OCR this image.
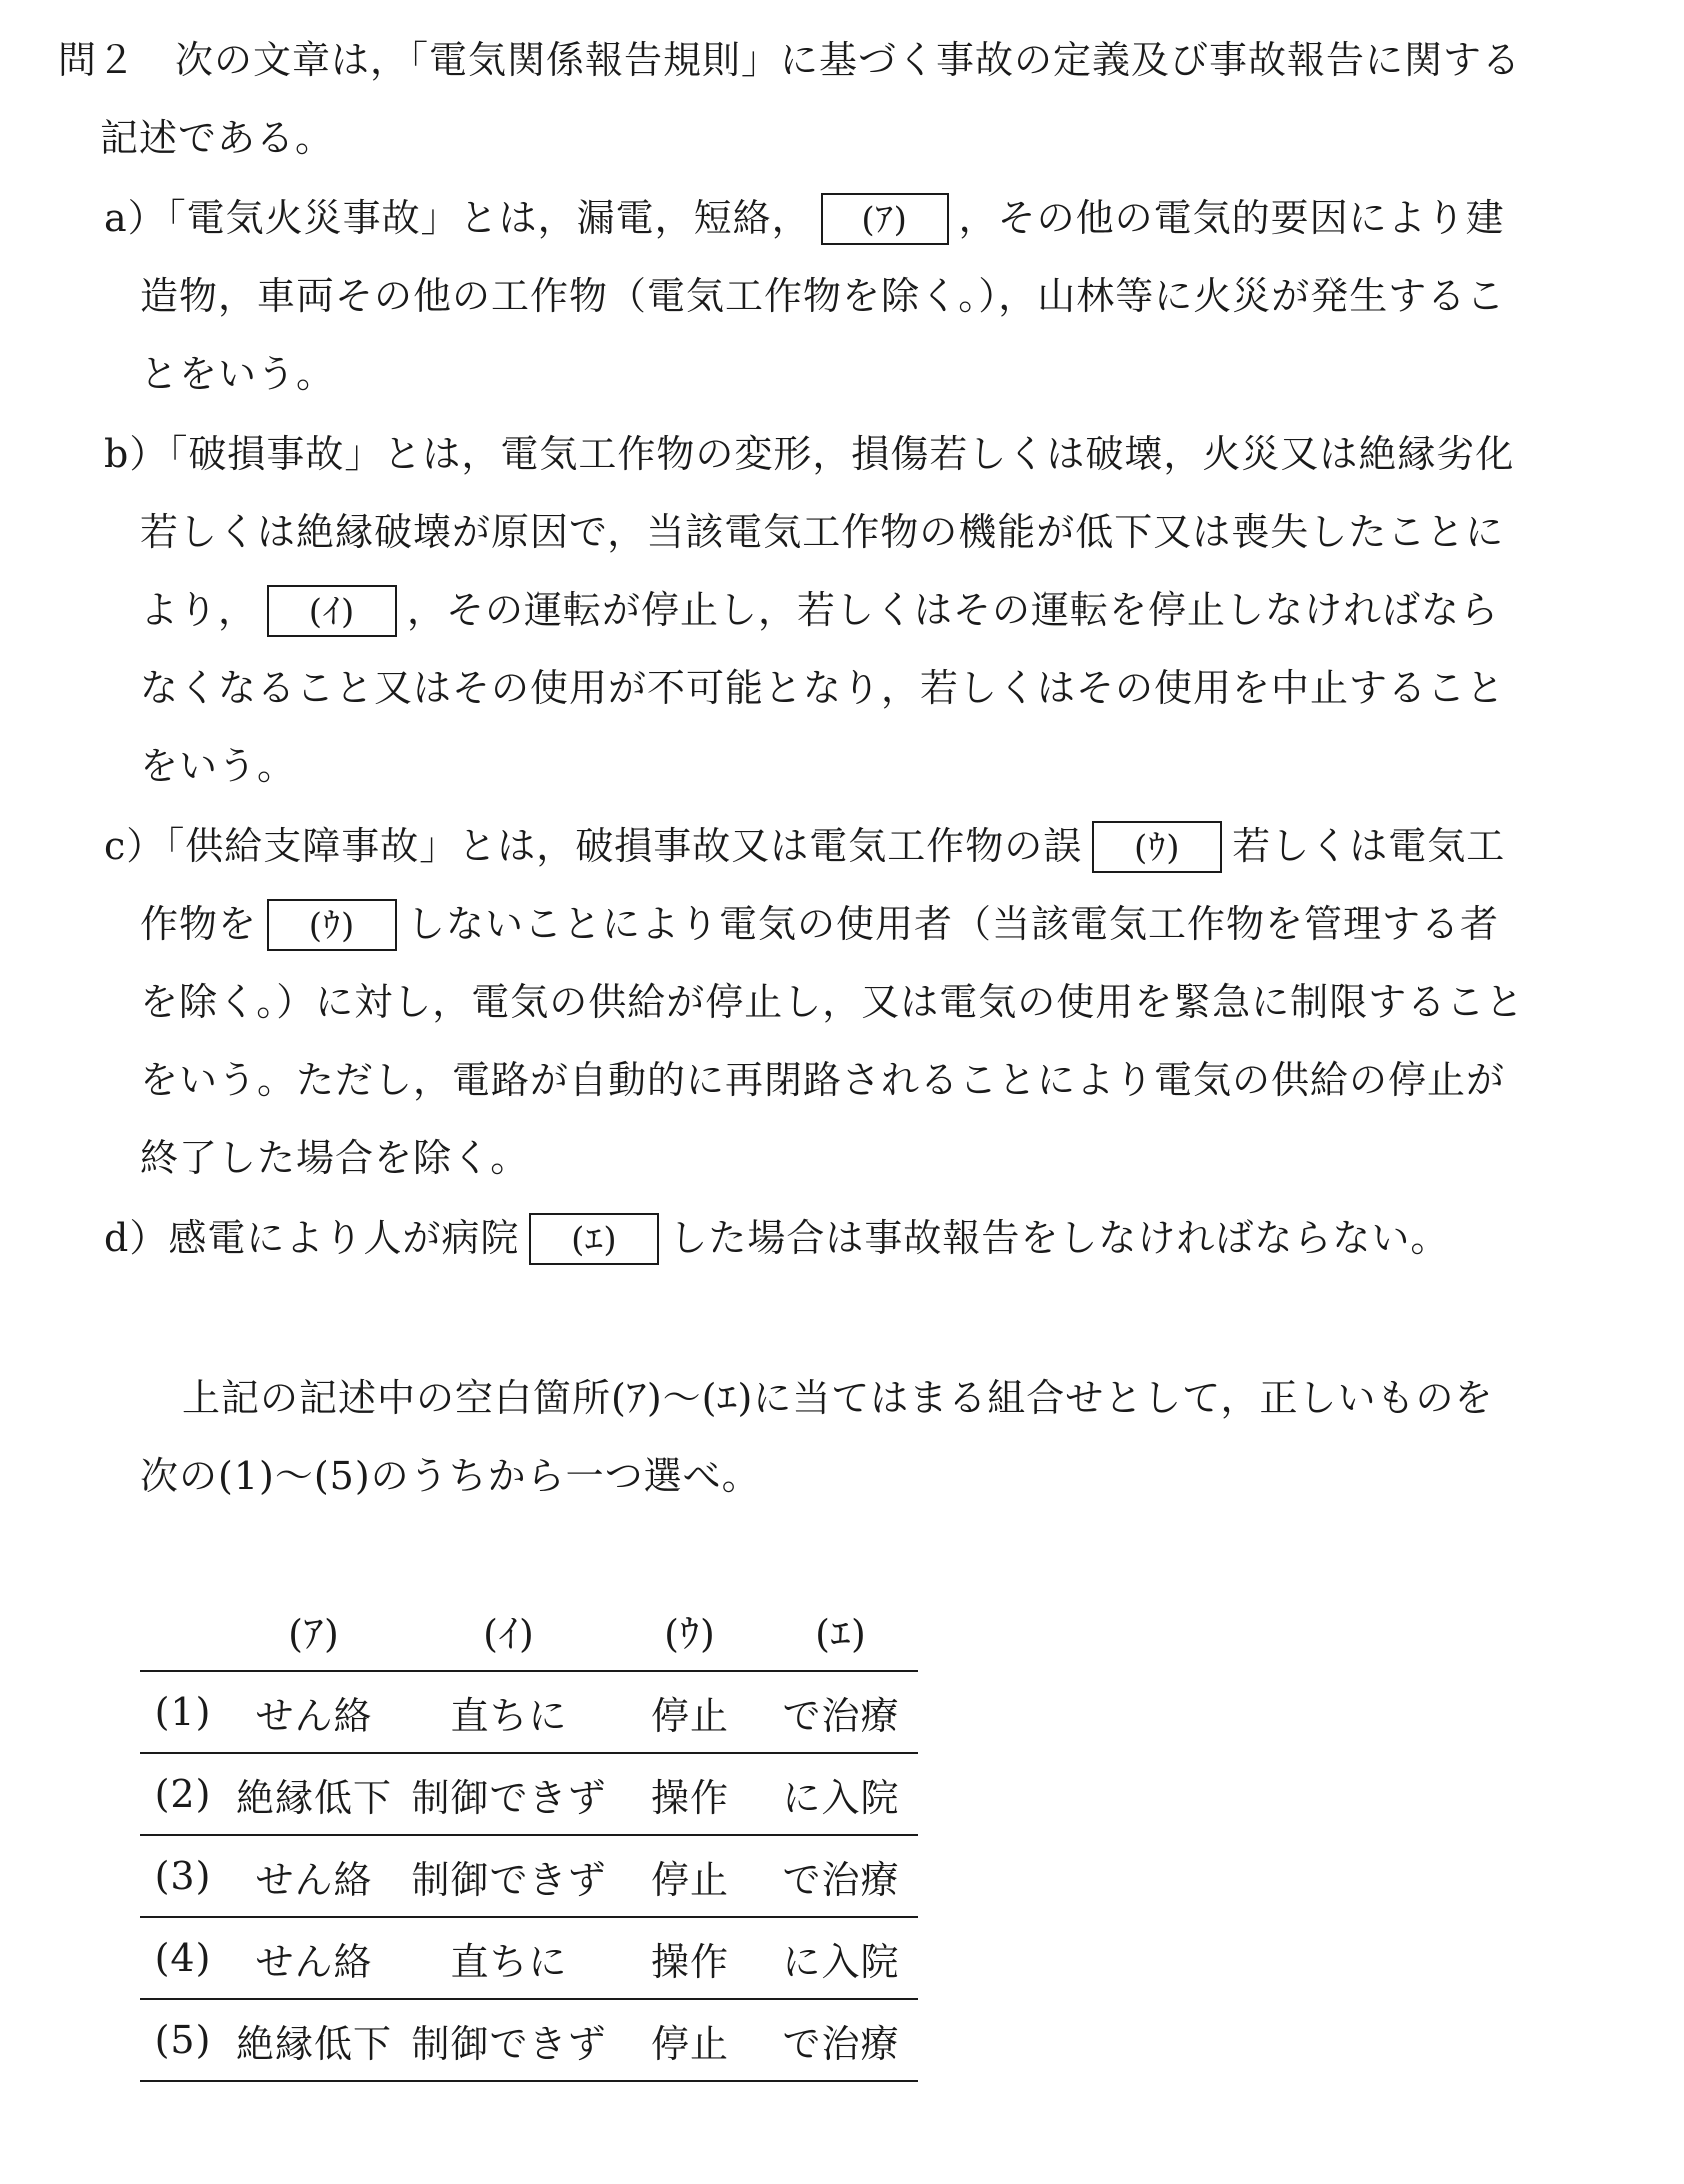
問２　次の文章は，「電気関係報告規則」に基づく事故の定義及び事故報告に関する
記述である。
a）「電気火災事故」とは，漏電，短絡， (ｱ) ，その他の電気的要因により建
造物，車両その他の工作物（電気工作物を除く。），山林等に火災が発生するこ
とをいう。
b）「破損事故」とは，電気工作物の変形，損傷若しくは破壊，火災又は絶縁劣化
若しくは絶縁破壊が原因で，当該電気工作物の機能が低下又は喪失したことに
より， (ｲ) ，その運転が停止し，若しくはその運転を停止しなければなら
なくなること又はその使用が不可能となり，若しくはその使用を中止すること
をいう。
c）「供給支障事故」とは，破損事故又は電気工作物の誤 (ｳ) 若しくは電気工
作物を (ｳ) しないことにより電気の使用者（当該電気工作物を管理する者
を除く。）に対し，電気の供給が停止し，又は電気の使用を緊急に制限すること
をいう。ただし，電路が自動的に再閉路されることにより電気の供給の停止が
終了した場合を除く。
d）感電により人が病院 (ｴ) した場合は事故報告をしなければならない。
上記の記述中の空白箇所(ｱ)～(ｴ)に当てはまる組合せとして，正しいものを
次の(1)～(5)のうちから一つ選べ。
	(ｱ)	(ｲ)	(ｳ)	(ｴ)
(1)	せん絡	直ちに	停止	で治療
(2)	絶縁低下	制御できず	操作	に入院
(3)	せん絡	制御できず	停止	で治療
(4)	せん絡	直ちに	操作	に入院
(5)	絶縁低下	制御できず	停止	で治療
